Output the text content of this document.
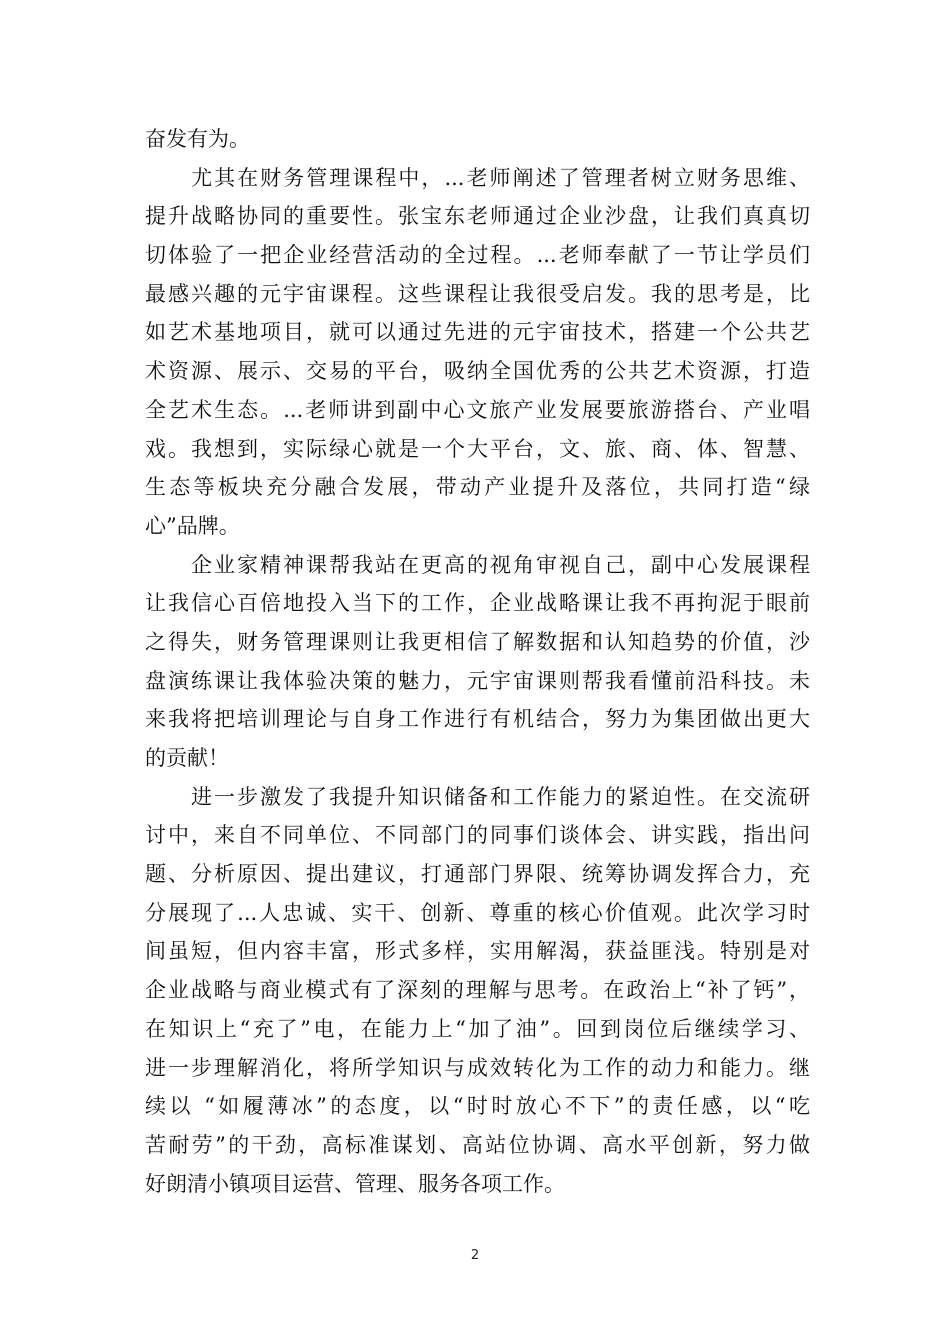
奋发有为。
　　尤其在财务管理课程中，...老师阐述了管理者树立财务思维、
提升战略协同的重要性。张宝东老师通过企业沙盘，让我们真真切
切体验了一把企业经营活动的全过程。...老师奉献了一节让学员们
最感兴趣的元宇宙课程。这些课程让我很受启发。我的思考是，比
如艺术基地项目，就可以通过先进的元宇宙技术，搭建一个公共艺
术资源、展示、交易的平台，吸纳全国优秀的公共艺术资源，打造
全艺术生态。...老师讲到副中心文旅产业发展要旅游搭台、产业唱
戏。我想到，实际绿心就是一个大平台，文、旅、商、体、智慧、
生态等板块充分融合发展，带动产业提升及落位，共同打造“绿
心”品牌。
　　企业家精神课帮我站在更高的视角审视自己，副中心发展课程
让我信心百倍地投入当下的工作，企业战略课让我不再拘泥于眼前
之得失，财务管理课则让我更相信了解数据和认知趋势的价值，沙
盘演练课让我体验决策的魅力，元宇宙课则帮我看懂前沿科技。未
来我将把培训理论与自身工作进行有机结合，努力为集团做出更大
的贡献！
　　进一步激发了我提升知识储备和工作能力的紧迫性。在交流研
讨中，来自不同单位、不同部门的同事们谈体会、讲实践，指出问
题、分析原因、提出建议，打通部门界限、统筹协调发挥合力，充
分展现了...人忠诚、实干、创新、尊重的核心价值观。此次学习时
间虽短，但内容丰富，形式多样，实用解渴，获益匪浅。特别是对
企业战略与商业模式有了深刻的理解与思考。在政治上“补了钙”，
在知识上“充了”电，在能力上“加了油”。回到岗位后继续学习、
进一步理解消化，将所学知识与成效转化为工作的动力和能力。继
续以 “如履薄冰”的态度，以“时时放心不下”的责任感，以“吃
苦耐劳”的干劲，高标准谋划、高站位协调、高水平创新，努力做
好朗清小镇项目运营、管理、服务各项工作。
2
